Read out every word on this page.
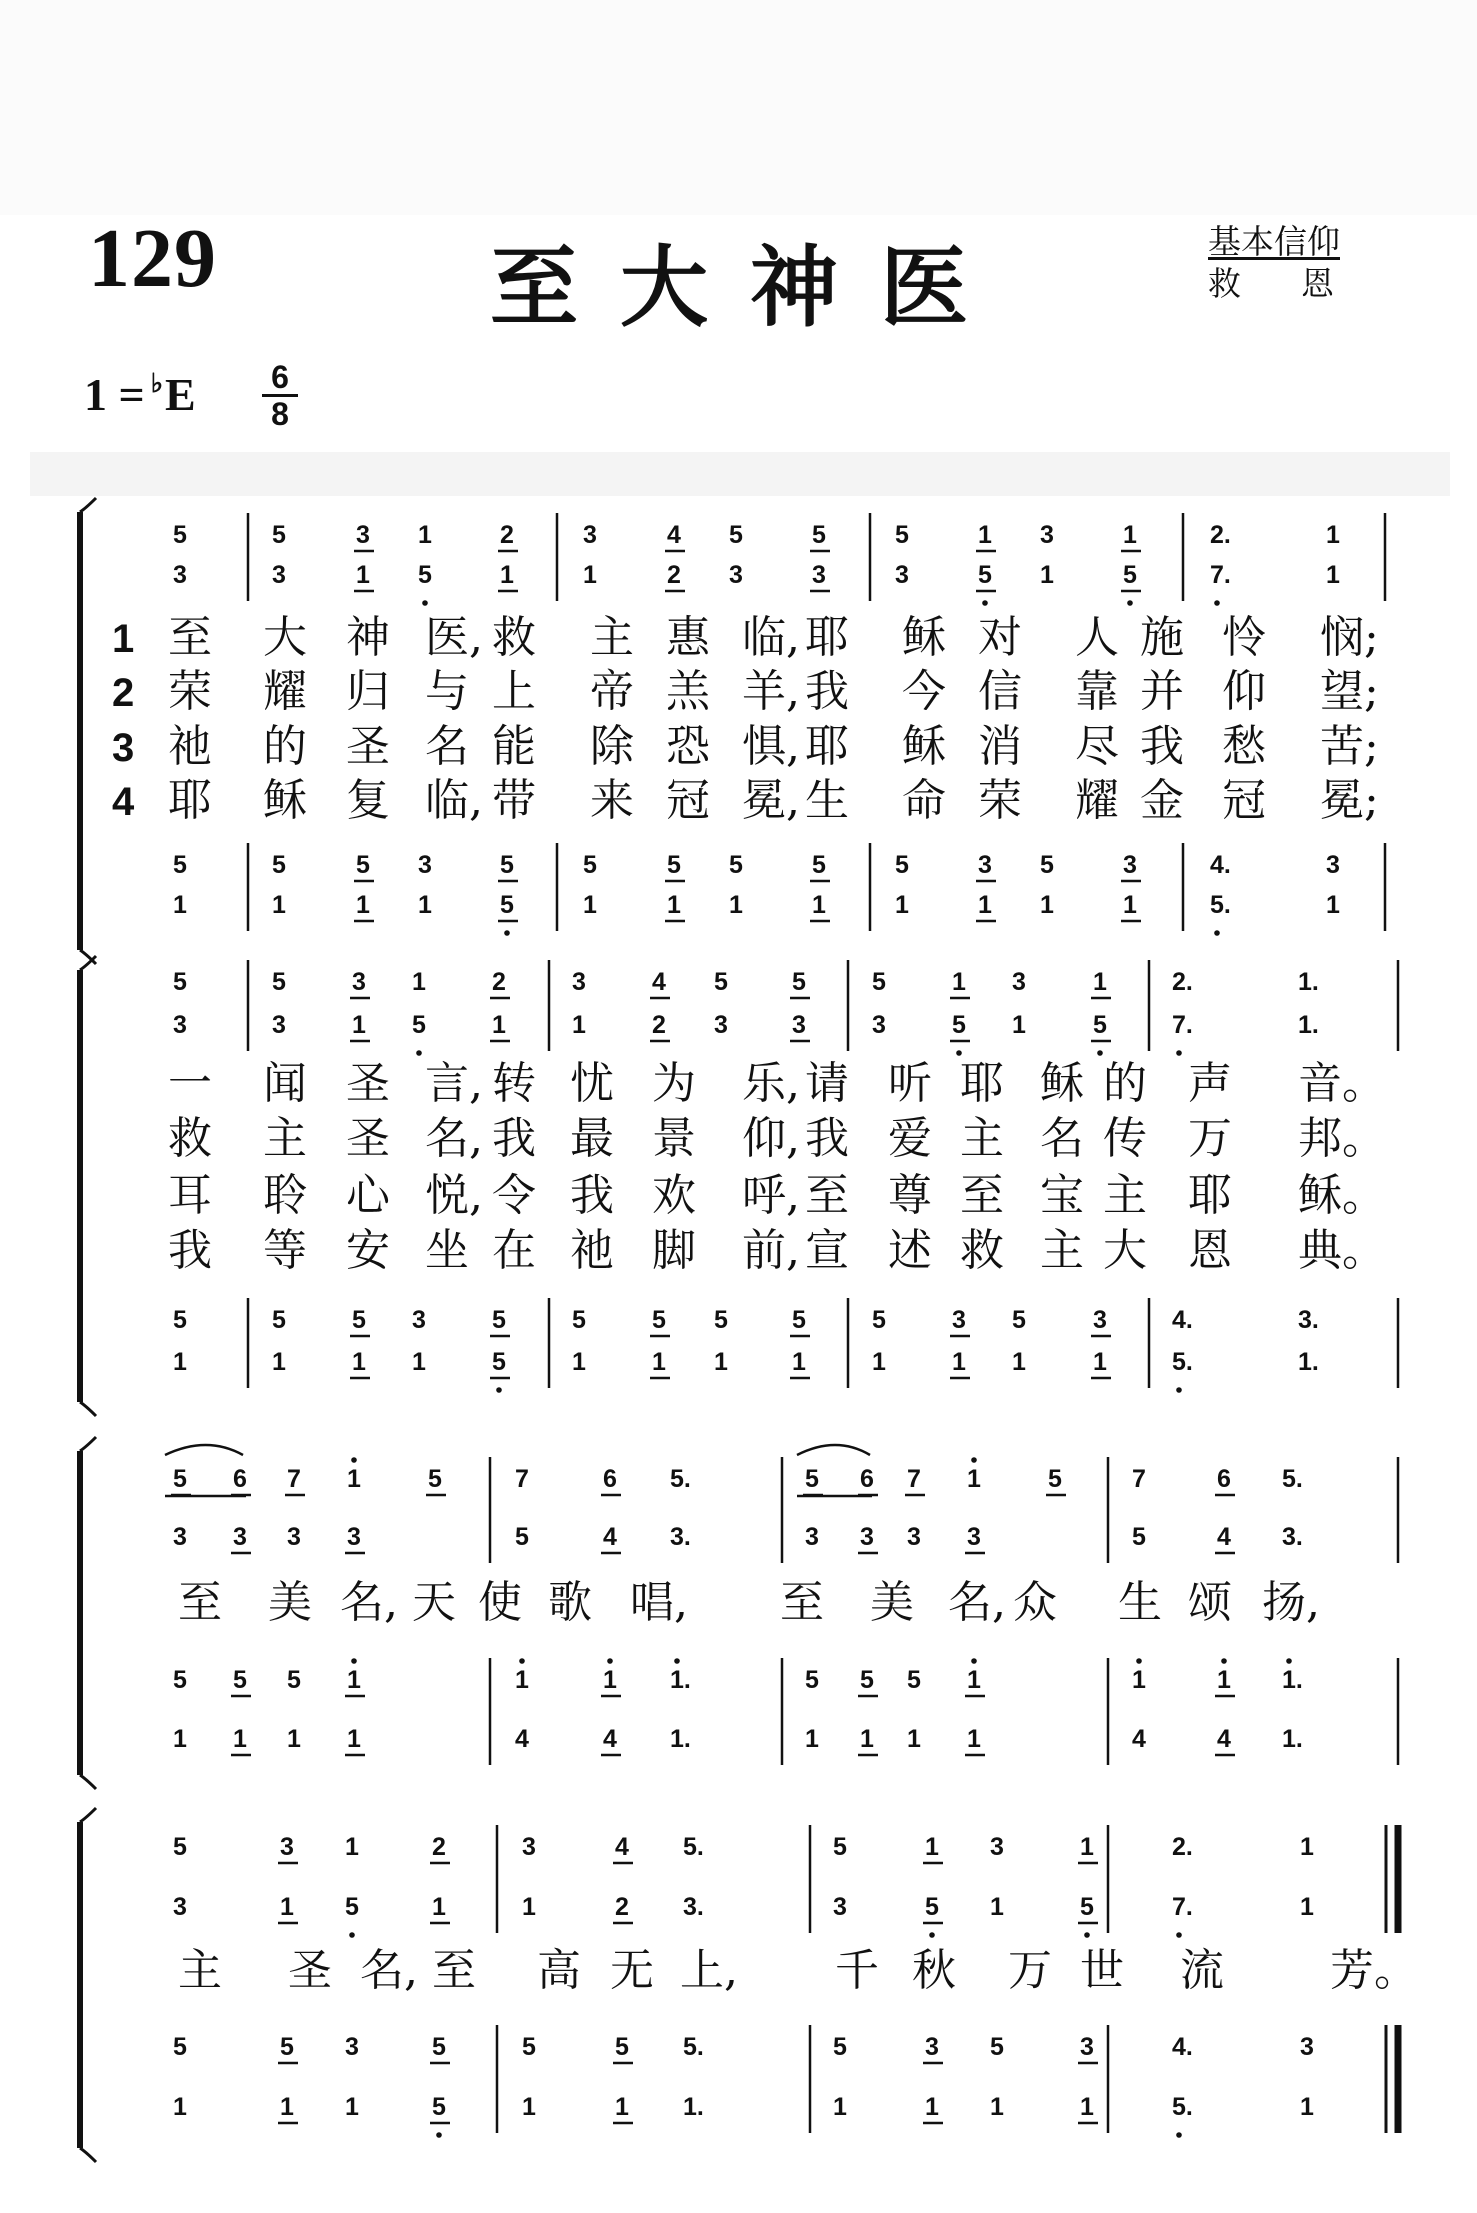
129	至大神医	基本信仰
救 恩
1 = ♭E 6
8
5	5	3 1	2	3	4 5	5	5	1 3	1	2.	1
3	3	1 5	1	1	2 3	3	3	5 1	5	7.	1
5	5	5 3	5	5	5 5	5	5	3 5	3	4.	3
1	1	1 1	5	1	1 1	1	1	1 1	1	5.	1
1 至 大 神 医, 救 主 惠 临, 耶 稣 对 人 施 怜 悯;
2 荣 耀 归 与 上 帝 羔 羊, 我 今 信 靠 并 仰 望;
3 祂 的 圣 名 能 除 恐 惧, 耶 稣 消 尽 我 愁 苦;
4 耶 稣 复 临, 带 来 冠 冕, 生 命 荣 耀 金 冠 冕;
5	5	3 1	2	3	4 5	5	5	1 3	1	2.	1.
3	3	1 5	1	1	2 3	3	3	5 1	5	7.	1.
5	5	5 3	5	5	5 5	5	5	3 5	3	4.	3.
1	1	1 1	5	1	1 1	1	1	1 1	1	5.	1.
一 闻 圣 言, 转 忧 为 乐, 请 听 耶 稣 的 声 音。
救 主 圣 名, 我 最 景 仰, 我 爱 主 名 传 万 邦。
耳 聆 心 悦, 令 我 欢 呼, 至 尊 至 宝 主 耶 稣。
我 等 安 坐 在 祂 脚 前, 宣 述 救 主 大 恩 典。
5 6 7 1	5	7	6 5.	5 6 7 1	5	7	6 5.
3 3 3 3	5	4 3.	3 3 3 3	5	4 3.
5 5 5 1	1	1 1.	5 5 5 1	1	1 1.
1 1 1 1	4	4 1.	1 1 1 1	4	4 1.
至 美 名, 天 使 歌 唱, 至 美 名, 众 生 颂 扬,
5	3 1	2	3	4 5.	5	1 3	1	2.	1
3	1 5	1	1	2 3.	3	5 1	5	7.	1
5	5 3	5	5	5 5.	5	3 5	3	4.	3
1	1 1	5	1	1 1.	1	1 1	1	5.	1
主 圣 名, 至 高 无 上, 千 秋 万 世 流 芳。
